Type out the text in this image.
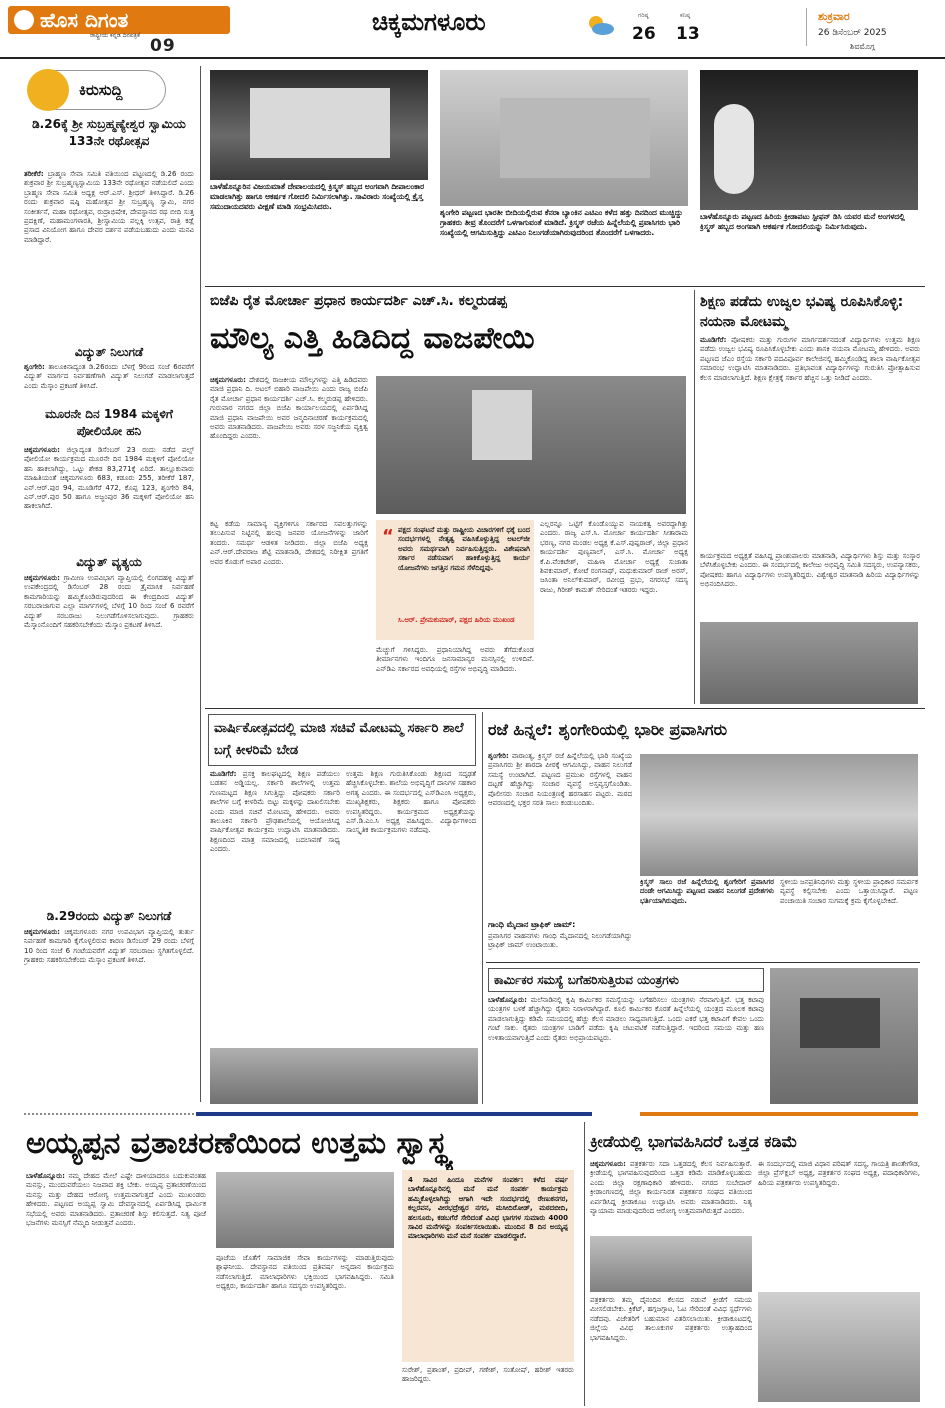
ಹೊಸ ದಿಗಂತ
ರಾಷ್ಟ್ರೀಯ ಕನ್ನಡ ದಿನಪತ್ರಿಕೆ
09
ಚಿಕ್ಕಮಗಳೂರು	ಗರಿಷ್ಠ
26
ಕನಿಷ್ಠ
13
ಶುಕ್ರವಾರ
26 ಡಿಸೆಂಬರ್ 2025
ಶಿವಮೊಗ್ಗ
ಕಿರುಸುದ್ದಿ
ಡಿ.26ಕ್ಕೆ ಶ್ರೀ ಸುಬ್ರಹ್ಮಣ್ಯೇಶ್ವರ ಸ್ವಾಮಿಯ 133ನೇ ರಥೋತ್ಸವ
ತರೀಕೆರೆ: ಬ್ರಾಹ್ಮಣ ಸೇವಾ ಸಮಿತಿ ವತಿಯಿಂದ ಪಟ್ಟಣದಲ್ಲಿ ಡಿ.26 ರಂದು ಶುಕ್ರವಾರ ಶ್ರೀ ಸುಬ್ರಹ್ಮಣ್ಯಸ್ವಾಮಿಯ 133ನೇ ರಥೋತ್ಸವ ನಡೆಯಲಿದೆ ಎಂದು ಬ್ರಾಹ್ಮಣ ಸೇವಾ ಸಮಿತಿ ಅಧ್ಯಕ್ಷ ಆರ್.ಎಸ್. ಶ್ರೀಧರ್ ತಿಳಿಸಿದ್ದಾರೆ. ಡಿ.26 ರಂದು ಶುಕ್ರವಾರ ಷಷ್ಠಿ ಮಹೋತ್ಸವ ಶ್ರೀ ಸುಬ್ರಹ್ಮಣ್ಯ ಸ್ವಾಮಿ, ನಗರ ಸಂಕೀರ್ತನೆ, ಮಹಾ ರಥೋತ್ಸವ, ರುದ್ರಾಭಿಷೇಕ, ದೇವಸ್ಥಾನದ ರಥ ಬೀದಿ ಸುತ್ತ ಪ್ರದಕ್ಷಿಣೆ, ಮಹಾಮಂಗಳಾರತಿ, ಶ್ರೀಸ್ವಾಮಿಯ ಪಲ್ಲಕ್ಕಿ ಉತ್ಸವ, ರಾತ್ರಿ ಕಡ್ಲೆ ಪ್ರಸಾದ ವಿನಿಯೋಗ ಹಾಗೂ ದೇವರ ದರ್ಶನ ಪಡೆಯಬಹುದು ಎಂದು ಮನವಿ ಮಾಡಿದ್ದಾರೆ.
ವಿದ್ಯುತ್ ನಿಲುಗಡೆ
ಶೃಂಗೇರಿ: ತಾಲೂಕಿನಾದ್ಯಂತ ಡಿ.26ರಂದು ಬೆಳಗ್ಗೆ 9ರಿಂದ ಸಂಜೆ 6ರವರೆಗೆ ವಿದ್ಯುತ್ ಮಾರ್ಗದ ನಿರ್ವಹಣೆಗಾಗಿ ವಿದ್ಯುತ್ ನಿಲುಗಡೆ ಮಾಡಲಾಗುತ್ತದೆ ಎಂದು ಮೆಸ್ಕಾಂ ಪ್ರಕಟಣೆ ತಿಳಿಸಿದೆ.
ಮೂರನೇ ದಿನ 1984 ಮಕ್ಕಳಿಗೆ ಪೋಲಿಯೋ ಹನಿ
ಚಿಕ್ಕಮಗಳೂರು: ಜಿಲ್ಲಾದ್ಯಂತ ಡಿಸೆಂಬರ್ 23 ರಂದು ನಡೆದ ಪಲ್ಸ್ ಪೋಲಿಯೋ ಕಾರ್ಯಕ್ರಮದ ಮೂರನೇ ದಿನ 1984 ಮಕ್ಕಳಿಗೆ ಪೋಲಿಯೋ ಹನಿ ಹಾಕಲಾಗಿದ್ದು, ಒಟ್ಟು ಶೇಕಡ 83,271ಕ್ಕೆ ಏರಿದೆ. ತಾಲ್ಲೂಕುವಾರು ಮಾಹಿತಿಯಂತೆ ಚಿಕ್ಕಮಗಳೂರು 683, ಕಡೂರು 255, ತರೀಕೆರೆ 187, ಎನ್.ಆರ್.ಪುರ 94, ಮೂಡಿಗೆರೆ 472, ಕೊಪ್ಪ 123, ಶೃಂಗೇರಿ 84, ಎನ್.ಆರ್.ಪುರ 50 ಹಾಗೂ ಅಜ್ಜಂಪುರ 36 ಮಕ್ಕಳಿಗೆ ಪೋಲಿಯೋ ಹನಿ ಹಾಕಲಾಗಿದೆ.
ವಿದ್ಯುತ್ ವ್ಯತ್ಯಯ
ಚಿಕ್ಕಮಗಳೂರು: ಗ್ರಾಮೀಣ ಉಪವಿಭಾಗ ವ್ಯಾಪ್ತಿಯಲ್ಲಿ ಲಿಂಗದಹಳ್ಳಿ ವಿದ್ಯುತ್ ಉಪಕೇಂದ್ರದಲ್ಲಿ ಡಿಸೆಂಬರ್ 28 ರಂದು ತ್ರೈಮಾಸಿಕ ನಿರ್ವಹಣೆ ಕಾಮಗಾರಿಯನ್ನು ಹಮ್ಮಿಕೊಂಡಿರುವುದರಿಂದ ಈ ಕೇಂದ್ರದಿಂದ ವಿದ್ಯುತ್ ಸರಬರಾಜಾಗುವ ಎಲ್ಲಾ ಮಾರ್ಗಗಳಲ್ಲಿ ಬೆಳಗ್ಗೆ 10 ರಿಂದ ಸಂಜೆ 6 ರವರೆಗೆ ವಿದ್ಯುತ್ ಸರಬರಾಜು ನಿಲುಗಡೆಗೊಳಿಸಲಾಗುವುದು. ಗ್ರಾಹಕರು ಮೆಸ್ಕಾಂನೊಂದಿಗೆ ಸಹಕರಿಸಬೇಕೆಂದು ಮೆಸ್ಕಾಂ ಪ್ರಕಟಣೆ ತಿಳಿಸಿದೆ.
ಡಿ.29ರಂದು ವಿದ್ಯುತ್ ನಿಲುಗಡೆ
ಚಿಕ್ಕಮಗಳೂರು: ಚಿಕ್ಕಮಗಳೂರು ನಗರ ಉಪವಿಭಾಗ ವ್ಯಾಪ್ತಿಯಲ್ಲಿ ತುರ್ತು ನಿರ್ವಹಣೆ ಕಾಮಗಾರಿ ಕೈಗೊಳ್ಳಲಿರುವ ಕಾರಣ ಡಿಸೆಂಬರ್ 29 ರಂದು ಬೆಳಗ್ಗೆ 10 ರಿಂದ ಸಂಜೆ 6 ಗಂಟೆಯವರೆಗೆ ವಿದ್ಯುತ್ ಸರಬರಾಜು ಸ್ಥಗಿತಗೊಳ್ಳಲಿದೆ. ಗ್ರಾಹಕರು ಸಹಕರಿಸಬೇಕೆಂದು ಮೆಸ್ಕಾಂ ಪ್ರಕಟಣೆ ತಿಳಿಸಿದೆ.
ಬಾಳೆಹೊನ್ನೂರಿನ ವಿಜಯಮಾತೆ ದೇವಾಲಯದಲ್ಲಿ ಕ್ರಿಸ್ಮಸ್ ಹಬ್ಬದ ಅಂಗವಾಗಿ ದೀಪಾಲಂಕಾರ ಮಾಡಲಾಗಿತ್ತು ಹಾಗೂ ಆಕರ್ಷಕ ಗೋದಲಿ ನಿರ್ಮಿಸಲಾಗಿತ್ತು. ಸಾವಿರಾರು ಸಂಖ್ಯೆಯಲ್ಲಿ ಕ್ರೈಸ್ತ ಸಮುದಾಯದವರು ವೀಕ್ಷಣೆ ಮಾಡಿ ಸಂಭ್ರಮಿಸಿದರು.
ಶೃಂಗೇರಿ ಪಟ್ಟಣದ ಭಾರತೀ ಬೀದಿಯಲ್ಲಿರುವ ಕೆನರಾ ಬ್ಯಾಂಕಿನ ಎಟಿಎಂ ಕಳೆದ ಹತ್ತು ದಿನದಿಂದ ಮುಚ್ಚಿದ್ದು ಗ್ರಾಹಕರು ತೀವ್ರ ತೊಂದರೆಗೆ ಒಳಗಾಗುವಂತೆ ಮಾಡಿದೆ. ಕ್ರಿಸ್ಮಸ್ ರಜೆಯ ಹಿನ್ನೆಲೆಯಲ್ಲಿ ಪ್ರವಾಸಿಗರು ಭಾರಿ ಸಂಖ್ಯೆಯಲ್ಲಿ ಆಗಮಿಸುತ್ತಿದ್ದು ಎಟಿಎಂ ನಿಲುಗಡೆಯಾಗಿರುವುದರಿಂದ ತೊಂದರೆಗೆ ಒಳಗಾದರು.
ಬಾಳೆಹೊನ್ನೂರು ಪಟ್ಟಣದ ಹಿರಿಯ ಕ್ರೀಡಾಪಟು ಸ್ಟೀಫನ್ ಡಿಸಿ ಯವರ ಮನೆ ಅಂಗಳದಲ್ಲಿ ಕ್ರಿಸ್ಮಸ್ ಹಬ್ಬದ ಅಂಗವಾಗಿ ಆಕರ್ಷಕ ಗೋದಲಿಯನ್ನು ನಿರ್ಮಿಸಿರುವುದು.
ಬಿಜೆಪಿ ರೈತ ಮೋರ್ಚಾ ಪ್ರಧಾನ ಕಾರ್ಯದರ್ಶಿ ಎಚ್.ಸಿ. ಕಲ್ಮರುಡಪ್ಪ
ಮೌಲ್ಯ ಎತ್ತಿ ಹಿಡಿದಿದ್ದ ವಾಜಪೇಯಿ
ಚಿಕ್ಕಮಗಳೂರು: ದೇಶದಲ್ಲಿ ರಾಜಕೀಯ ಮೌಲ್ಯಗಳನ್ನು ಎತ್ತಿ ಹಿಡಿದವರು ಮಾಜಿ ಪ್ರಧಾನಿ ದಿ. ಅಟಲ್ ಬಿಹಾರಿ ವಾಜಪೇಯಿ ಎಂದು ರಾಜ್ಯ ಬಿಜೆಪಿ ರೈತ ಮೋರ್ಚಾ ಪ್ರಧಾನ ಕಾರ್ಯದರ್ಶಿ ಎಚ್.ಸಿ. ಕಲ್ಮರುಡಪ್ಪ ಹೇಳಿದರು. ಗುರುವಾರ ನಗರದ ಜಿಲ್ಲಾ ಬಿಜೆಪಿ ಕಾರ್ಯಾಲಯದಲ್ಲಿ ಏರ್ಪಡಿಸಿದ್ದ ಮಾಜಿ ಪ್ರಧಾನಿ ವಾಜಪೇಯಿ ಅವರ ಜನ್ಮದಿನಾಚರಣೆ ಕಾರ್ಯಕ್ರಮದಲ್ಲಿ ಅವರು ಮಾತನಾಡಿದರು. ವಾಜಪೇಯಿ ಅವರು ಸರಳ ಸಜ್ಜನಿಕೆಯ ವ್ಯಕ್ತಿತ್ವ ಹೊಂದಿದ್ದರು ಎಂದರು.
ಕಟ್ಟ ಕಡೆಯ ಸಾಮಾನ್ಯ ವ್ಯಕ್ತಿಗಳಿಗೂ ಸರ್ಕಾರದ ಸವಲತ್ತುಗಳನ್ನು ತಲುಪಿಸುವ ನಿಟ್ಟಿನಲ್ಲಿ ಹಲವು ಜನಪರ ಯೋಜನೆಗಳನ್ನು ಜಾರಿಗೆ ತಂದರು. ಸಮರ್ಥ ಆಡಳಿತ ನೀಡಿದರು. ಜಿಲ್ಲಾ ಬಿಜೆಪಿ ಅಧ್ಯಕ್ಷ ಎನ್.ಆರ್.ದೇವರಾಜ ಶೆಟ್ಟಿ ಮಾತನಾಡಿ, ದೇಶದಲ್ಲಿ ನಿರೀಕ್ಷಿತ ಪ್ರಗತಿಗೆ ಅವರ ಕೊಡುಗೆ ಅಪಾರ ಎಂದರು.
“ ಪಕ್ಷದ ಸಂಘಟನೆ ಮತ್ತು ರಾಷ್ಟ್ರೀಯ ವಿಚಾರಗಳಿಗೆ ಧಕ್ಕೆ ಬಂದ ಸಂದರ್ಭಗಳಲ್ಲಿ ನೇತೃತ್ವ ವಹಿಸಿಕೊಳ್ಳುತ್ತಿದ್ದ ಅಟಲ್‌ಜೀ ಅವರು ಸಮರ್ಥವಾಗಿ ನಿರ್ವಹಿಸುತ್ತಿದ್ದರು. ವಿಶೇಷವಾಗಿ ಸರ್ಕಾರ ನಡೆಸುವಾಗ ಹಾಕಿಕೊಳ್ಳುತ್ತಿದ್ದ ಕಾರ್ಯ ಯೋಜನೆಗಳು ಜಗತ್ತಿನ ಗಮನ ಸೆಳೆದಿದ್ದವು.
ಸಿ.ಆರ್. ಪ್ರೇಮಕುಮಾರ್, ಪಕ್ಷದ ಹಿರಿಯ ಮುಖಂಡ
ಮೆಚ್ಚುಗೆ ಗಳಿಸಿದ್ದರು. ಪ್ರಧಾನಿಯಾಗಿದ್ದ ಅವರು ತೆಗೆದುಕೊಂಡ ತೀರ್ಮಾನಗಳು ಇಂದಿಗೂ ಜನಸಾಮಾನ್ಯರ ಮನಸ್ಸಿನಲ್ಲಿ ಉಳಿದಿವೆ. ಎನ್‌ಡಿಎ ಸರ್ಕಾರದ ಅವಧಿಯಲ್ಲಿ ರಸ್ತೆಗಳ ಅಭಿವೃದ್ಧಿ ಮಾಡಿದರು.
ಎಲ್ಲರನ್ನೂ ಒಟ್ಟಿಗೆ ಕೊಂಡೊಯ್ಯುವ ನಾಯಕತ್ವ ಅವರದ್ದಾಗಿತ್ತು ಎಂದರು. ರಾಜ್ಯ ಎಸ್.ಸಿ. ಮೋರ್ಚಾ ಕಾರ್ಯದರ್ಶಿ ಸೀತಾರಾಮ ಭರಣ್ಯ, ನಗರ ಮಂಡಲ ಅಧ್ಯಕ್ಷ ಕೆ.ಎಸ್.ಪುಷ್ಪರಾಜ್, ಜಿಲ್ಲಾ ಪ್ರಧಾನ ಕಾರ್ಯದರ್ಶಿ ಪುಣ್ಯಪಾಲ್, ಎಸ್.ಸಿ. ಮೋರ್ಚಾ ಅಧ್ಯಕ್ಷ ಕೆ.ಪಿ.ವೆಂಕಟೇಶ್, ಮಹಿಳಾ ಮೋರ್ಚಾ ಅಧ್ಯಕ್ಷೆ ಸುಜಾತಾ ಶಿವಕುಮಾರ್, ಕೋಟೆ ರಂಗನಾಥ್, ಮಧುಕುಮಾರ್ ರಾಜ್ ಅರಸ್, ಜಸಿಂತಾ ಅನಿಲ್‌ಕುಮಾರ್, ರವೀಂದ್ರ ಪ್ರಭು, ನಗರಸಭೆ ಸದಸ್ಯ ರಾಜು, ಗಿರೀಶ್ ಕಾಮತ್ ಸೇರಿದಂತೆ ಇತರರು ಇದ್ದರು.
ಶಿಕ್ಷಣ ಪಡೆದು ಉಜ್ವಲ ಭವಿಷ್ಯ ರೂಪಿಸಿಕೊಳ್ಳಿ: ನಯನಾ ಮೋಟಮ್ಮ
ಮೂಡಿಗೆರೆ: ಪೋಷಕರು ಮತ್ತು ಗುರುಗಳ ಮಾರ್ಗದರ್ಶನದಂತೆ ವಿದ್ಯಾರ್ಥಿಗಳು ಉತ್ತಮ ಶಿಕ್ಷಣ ಪಡೆದು ಉಜ್ವಲ ಭವಿಷ್ಯ ರೂಪಿಸಿಕೊಳ್ಳಬೇಕು ಎಂದು ಶಾಸಕಿ ನಯನಾ ಮೋಟಮ್ಮ ಹೇಳಿದರು. ಅವರು ಪಟ್ಟಣದ ಜೆಎಂ ರಸ್ತೆಯ ಸರ್ಕಾರಿ ಪದವಿಪೂರ್ವ ಕಾಲೇಜಿನಲ್ಲಿ ಹಮ್ಮಿಕೊಂಡಿದ್ದ ಶಾಲಾ ವಾರ್ಷಿಕೋತ್ಸವ ಸಮಾರಂಭ ಉದ್ಘಾಟಿಸಿ ಮಾತನಾಡಿದರು. ಪ್ರತಿಭಾವಂತ ವಿದ್ಯಾರ್ಥಿಗಳನ್ನು ಗುರುತಿಸಿ ಪ್ರೋತ್ಸಾಹಿಸುವ ಕೆಲಸ ಮಾಡಲಾಗುತ್ತಿದೆ. ಶಿಕ್ಷಣ ಕ್ಷೇತ್ರಕ್ಕೆ ಸರ್ಕಾರ ಹೆಚ್ಚಿನ ಒತ್ತು ನೀಡಿದೆ ಎಂದರು.
ಕಾರ್ಯಕ್ರಮದ ಅಧ್ಯಕ್ಷತೆ ವಹಿಸಿದ್ದ ಪ್ರಾಂಶುಪಾಲರು ಮಾತನಾಡಿ, ವಿದ್ಯಾರ್ಥಿಗಳು ಶಿಸ್ತು ಮತ್ತು ಸಂಸ್ಕಾರ ಬೆಳೆಸಿಕೊಳ್ಳಬೇಕು ಎಂದರು. ಈ ಸಂದರ್ಭದಲ್ಲಿ ಕಾಲೇಜು ಅಭಿವೃದ್ಧಿ ಸಮಿತಿ ಸದಸ್ಯರು, ಉಪನ್ಯಾಸಕರು, ಪೋಷಕರು ಹಾಗೂ ವಿದ್ಯಾರ್ಥಿಗಳು ಉಪಸ್ಥಿತರಿದ್ದರು. ವಿಶ್ವೇಶ್ವರ ಮಾತನಾಡಿ ಹಿರಿಯ ವಿದ್ಯಾರ್ಥಿಗಳನ್ನು ಅಭಿನಂದಿಸಿದರು.
ವಾರ್ಷಿಕೋತ್ಸವದಲ್ಲಿ ಮಾಜಿ ಸಚಿವೆ ಮೋಟಮ್ಮ ಸರ್ಕಾರಿ ಶಾಲೆ ಬಗ್ಗೆ ಕೀಳರಿಮೆ ಬೇಡ
ಮೂಡಿಗೆರೆ: ಪ್ರಸಕ್ತ ಕಾಲಘಟ್ಟದಲ್ಲಿ ಶಿಕ್ಷಣ ಪಡೆಯಲು ಬಡತನ ಅಡ್ಡಿಯಲ್ಲ. ಸರ್ಕಾರಿ ಶಾಲೆಗಳಲ್ಲಿ ಉತ್ತಮ ಗುಣಮಟ್ಟದ ಶಿಕ್ಷಣ ಸಿಗುತ್ತಿದ್ದು ಪೋಷಕರು ಸರ್ಕಾರಿ ಶಾಲೆಗಳ ಬಗ್ಗೆ ಕೀಳರಿಮೆ ಬಿಟ್ಟು ಮಕ್ಕಳನ್ನು ದಾಖಲಿಸಬೇಕು ಎಂದು ಮಾಜಿ ಸಚಿವೆ ಮೋಟಮ್ಮ ಹೇಳಿದರು. ಅವರು ತಾಲೂಕಿನ ಸರ್ಕಾರಿ ಪ್ರೌಢಶಾಲೆಯಲ್ಲಿ ಆಯೋಜಿಸಿದ್ದ ವಾರ್ಷಿಕೋತ್ಸವ ಕಾರ್ಯಕ್ರಮ ಉದ್ಘಾಟಿಸಿ ಮಾತನಾಡಿದರು. ಶಿಕ್ಷಣದಿಂದ ಮಾತ್ರ ಸಮಾಜದಲ್ಲಿ ಬದಲಾವಣೆ ಸಾಧ್ಯ ಎಂದರು.
ಉತ್ತಮ ಶಿಕ್ಷಣ ಗುರುತಿಸಿಕೊಂಡು ಶಿಕ್ಷಣದ ಸದೃಢತೆ ಹೆಚ್ಚಿಸಿಕೊಳ್ಳಬೇಕು. ಶಾಲೆಯ ಅಭಿವೃದ್ಧಿಗೆ ದಾನಿಗಳ ಸಹಕಾರ ಅಗತ್ಯ ಎಂದರು. ಈ ಸಂದರ್ಭದಲ್ಲಿ ಎಸ್‌ಡಿಎಂಸಿ ಅಧ್ಯಕ್ಷರು, ಮುಖ್ಯಶಿಕ್ಷಕರು, ಶಿಕ್ಷಕರು ಹಾಗೂ ಪೋಷಕರು ಉಪಸ್ಥಿತರಿದ್ದರು. ಕಾರ್ಯಕ್ರಮದ ಅಧ್ಯಕ್ಷತೆಯನ್ನು ಎಸ್.ಡಿ.ಎಂ.ಸಿ ಅಧ್ಯಕ್ಷ ವಹಿಸಿದ್ದರು. ವಿದ್ಯಾರ್ಥಿಗಳಿಂದ ಸಾಂಸ್ಕೃತಿಕ ಕಾರ್ಯಕ್ರಮಗಳು ನಡೆದವು.
ರಜೆ ಹಿನ್ನಲೆ: ಶೃಂಗೇರಿಯಲ್ಲಿ ಭಾರೀ ಪ್ರವಾಸಿಗರು
ಶೃಂಗೇರಿ: ವಾರಾಂತ್ಯ, ಕ್ರಿಸ್ಮಸ್ ರಜೆ ಹಿನ್ನೆಲೆಯಲ್ಲಿ ಭಾರಿ ಸಂಖ್ಯೆಯ ಪ್ರವಾಸಿಗರು ಶ್ರೀ ಶಾರದಾ ಪೀಠಕ್ಕೆ ಆಗಮಿಸಿದ್ದು, ವಾಹನ ನಿಲುಗಡೆ ಸಮಸ್ಯೆ ಉಂಟಾಗಿದೆ. ಪಟ್ಟಣದ ಪ್ರಮುಖ ರಸ್ತೆಗಳಲ್ಲಿ ವಾಹನ ದಟ್ಟಣೆ ಹೆಚ್ಚಾಗಿದ್ದು ಸಂಚಾರ ವ್ಯವಸ್ಥೆ ಅಸ್ತವ್ಯಸ್ತಗೊಂಡಿತು. ಪೊಲೀಸರು ಸಂಚಾರ ನಿಯಂತ್ರಣಕ್ಕೆ ಹರಸಾಹಸ ಪಟ್ಟರು. ಮಠದ ಆವರಣದಲ್ಲಿ ಭಕ್ತರ ಸರತಿ ಸಾಲು ಕಂಡುಬಂದಿತು.
ಕ್ರಿಸ್ಮಸ್ ಸಾಲು ರಜೆ ಹಿನ್ನೆಲೆಯಲ್ಲಿ ಶೃಂಗೇರಿಗೆ ಪ್ರವಾಸಿಗರ ದಂಡೇ ಆಗಮಿಸಿದ್ದು ಪಟ್ಟಣದ ವಾಹನ ನಿಲುಗಡೆ ಪ್ರದೇಶಗಳು ಭರ್ತಿಯಾಗಿರುವುದು.
ಸ್ಥಳೀಯ ಜನಪ್ರತಿನಿಧಿಗಳು ಮತ್ತು ಸ್ಥಳೀಯ ಪ್ರಾಧಿಕಾರ ಸಮರ್ಪಕ ವ್ಯವಸ್ಥೆ ಕಲ್ಪಿಸಬೇಕು ಎಂದು ಒತ್ತಾಯಿಸಿದ್ದಾರೆ. ಪಟ್ಟಣ ಪಂಚಾಯಿತಿ ಸಂಚಾರ ಸುಗಮಕ್ಕೆ ಕ್ರಮ ಕೈಗೊಳ್ಳಬೇಕಿದೆ.
ಗಾಂಧಿ ಮೈದಾನ ಟ್ರಾಫಿಕ್ ಜಾಮ್:
ಪ್ರವಾಸಿಗರ ವಾಹನಗಳು ಗಾಂಧಿ ಮೈದಾನದಲ್ಲಿ ನಿಲುಗಡೆಯಾಗಿದ್ದು ಟ್ರಾಫಿಕ್ ಜಾಮ್ ಉಂಟಾಯಿತು.
ಕಾರ್ಮಿಕರ ಸಮಸ್ಯೆ ಬಗೆಹರಿಸುತ್ತಿರುವ ಯಂತ್ರಗಳು
ಬಾಳೆಹೊನ್ನೂರು: ಮಲೆನಾಡಿನಲ್ಲಿ ಕೃಷಿ ಕಾರ್ಮಿಕರ ಸಮಸ್ಯೆಯನ್ನು ಬಗೆಹರಿಸಲು ಯಂತ್ರಗಳು ನೆರವಾಗುತ್ತಿವೆ. ಭತ್ತ ಕಟಾವು ಯಂತ್ರಗಳ ಬಳಕೆ ಹೆಚ್ಚಾಗಿದ್ದು ರೈತರು ನಿರಾಳರಾಗಿದ್ದಾರೆ. ಕೂಲಿ ಕಾರ್ಮಿಕರ ಕೊರತೆ ಹಿನ್ನೆಲೆಯಲ್ಲಿ ಯಂತ್ರದ ಮೂಲಕ ಕಟಾವು ಮಾಡಲಾಗುತ್ತಿದ್ದು ಕಡಿಮೆ ಸಮಯದಲ್ಲಿ ಹೆಚ್ಚು ಕೆಲಸ ಮಾಡಲು ಸಾಧ್ಯವಾಗುತ್ತಿದೆ. ಒಂದು ಎಕರೆ ಭತ್ತ ಕಟಾವಿಗೆ ಕೇವಲ ಒಂದು ಗಂಟೆ ಸಾಕು. ರೈತರು ಯಂತ್ರಗಳ ಬಾಡಿಗೆ ಪಡೆದು ಕೃಷಿ ಚಟುವಟಿಕೆ ನಡೆಸುತ್ತಿದ್ದಾರೆ. ಇದರಿಂದ ಸಮಯ ಮತ್ತು ಹಣ ಉಳಿತಾಯವಾಗುತ್ತಿದೆ ಎಂದು ರೈತರು ಅಭಿಪ್ರಾಯಪಟ್ಟರು.
ಅಯ್ಯಪ್ಪನ ವ್ರತಾಚರಣೆಯಿಂದ ಉತ್ತಮ ಸ್ವಾಸ್ಥ್ಯ
ಬಾಳೆಹೊನ್ನೂರು: ನಮ್ಮ ದೇಹದ ಮೇಲೆ ಎಷ್ಟೇ ದಾಳಿಯಾದರೂ ಬದುಕುವಂತಹ ಮನಸ್ಸು, ಮುಂದುವರೆಯಲು ನಿಜವಾದ ಶಕ್ತಿ ಬೇಕು. ಅಯ್ಯಪ್ಪ ವ್ರತಾಚರಣೆಯಿಂದ ಮನಸ್ಸು ಮತ್ತು ದೇಹದ ಆರೋಗ್ಯ ಉತ್ತಮವಾಗುತ್ತದೆ ಎಂದು ಮುಖಂಡರು ಹೇಳಿದರು. ಪಟ್ಟಣದ ಅಯ್ಯಪ್ಪ ಸ್ವಾಮಿ ದೇವಸ್ಥಾನದಲ್ಲಿ ಏರ್ಪಡಿಸಿದ್ದ ಧಾರ್ಮಿಕ ಸಭೆಯಲ್ಲಿ ಅವರು ಮಾತನಾಡಿದರು. ವ್ರತಾಚರಣೆ ಶಿಸ್ತು ಕಲಿಸುತ್ತದೆ. ನಿತ್ಯ ಪೂಜೆ ಭಜನೆಗಳು ಮನಸ್ಸಿಗೆ ನೆಮ್ಮದಿ ನೀಡುತ್ತವೆ ಎಂದರು.
ಪೂಜೆಯ ಜೊತೆಗೆ ಸಾಮಾಜಿಕ ಸೇವಾ ಕಾರ್ಯಗಳನ್ನು ಮಾಡುತ್ತಿರುವುದು ಶ್ಲಾಘನೀಯ. ದೇವಸ್ಥಾನದ ವತಿಯಿಂದ ಪ್ರತಿವರ್ಷ ಅನ್ನದಾನ ಕಾರ್ಯಕ್ರಮ ನಡೆಸಲಾಗುತ್ತಿದೆ. ಮಾಲಾಧಾರಿಗಳು ಭಕ್ತಿಯಿಂದ ಭಾಗವಹಿಸಿದ್ದರು. ಸಮಿತಿ ಅಧ್ಯಕ್ಷರು, ಕಾರ್ಯದರ್ಶಿ ಹಾಗೂ ಸದಸ್ಯರು ಉಪಸ್ಥಿತರಿದ್ದರು.
4 ಸಾವಿರ ಹಿಂದೂ ಮನೆಗಳ ಸಂಪರ್ಕ: ಕಳೆದ ವರ್ಷ ಬಾಳೆಹೊನ್ನೂರಿನಲ್ಲಿ ಮನೆ ಮನೆ ಸಂಪರ್ಕ ಕಾರ್ಯಕ್ರಮ ಹಮ್ಮಿಕೊಳ್ಳಲಾಗಿದ್ದು ಆಗಾಗಿ ಇದೇ ಸಂದರ್ಭದಲ್ಲಿ ರೇಣುಕನಗರ, ಕಲ್ಲರವನ, ವೀರಭದ್ರೇಶ್ವರ ನಗರ, ಮಸೀದಿರೋಡ್, ಮಠದಬೀದಿ, ಹಲಸೂರು, ಕಡಬಗೆರೆ ಸೇರಿದಂತೆ ವಿವಿಧ ಭಾಗಗಳ ಸುಮಾರು 4000 ಸಾವಿರ ಮನೆಗಳನ್ನು ಸಂಪರ್ಕಿಸಲಾಯಿತು. ಮುಂದಿನ 8 ದಿನ ಅಯ್ಯಪ್ಪ ಮಾಲಾಧಾರಿಗಳು ಮನೆ ಮನೆ ಸಂಪರ್ಕ ಮಾಡಲಿದ್ದಾರೆ.
ಸುರೇಶ್, ಪ್ರಶಾಂತ್, ಪ್ರದೀಪ್, ಗಣೇಶ್, ಸಂತೋಷ್, ಹರೀಶ್ ಇತರರು ಹಾಜರಿದ್ದರು.
ಕ್ರೀಡೆಯಲ್ಲಿ ಭಾಗವಹಿಸಿದರೆ ಒತ್ತಡ ಕಡಿಮೆ
ಚಿಕ್ಕಮಗಳೂರು: ಪತ್ರಕರ್ತರು ಸದಾ ಒತ್ತಡದಲ್ಲಿ ಕೆಲಸ ನಿರ್ವಹಿಸುತ್ತಾರೆ. ಕ್ರೀಡೆಯಲ್ಲಿ ಭಾಗವಹಿಸುವುದರಿಂದ ಒತ್ತಡ ಕಡಿಮೆ ಮಾಡಿಕೊಳ್ಳಬಹುದು ಎಂದು ಜಿಲ್ಲಾ ರಕ್ಷಣಾಧಿಕಾರಿ ಹೇಳಿದರು. ನಗರದ ಸುಬೇದಾರ್ ಕ್ರೀಡಾಂಗಣದಲ್ಲಿ ಜಿಲ್ಲಾ ಕಾರ್ಯನಿರತ ಪತ್ರಕರ್ತರ ಸಂಘದ ವತಿಯಿಂದ ಏರ್ಪಡಿಸಿದ್ದ ಕ್ರೀಡಾಕೂಟ ಉದ್ಘಾಟಿಸಿ ಅವರು ಮಾತನಾಡಿದರು. ನಿತ್ಯ ವ್ಯಾಯಾಮ ಮಾಡುವುದರಿಂದ ಆರೋಗ್ಯ ಉತ್ತಮವಾಗಿರುತ್ತದೆ ಎಂದರು.
ಈ ಸಂದರ್ಭದಲ್ಲಿ ಮಾಜಿ ವಿಧಾನ ಪರಿಷತ್ ಸದಸ್ಯ, ಗಾಯತ್ರಿ ಶಾಂತೇಗೌಡ, ಜಿಲ್ಲಾ ಪ್ರೆಸ್‌ಕ್ಲಬ್ ಅಧ್ಯಕ್ಷ, ಪತ್ರಕರ್ತರ ಸಂಘದ ಅಧ್ಯಕ್ಷ, ಪದಾಧಿಕಾರಿಗಳು, ಹಿರಿಯ ಪತ್ರಕರ್ತರು ಉಪಸ್ಥಿತರಿದ್ದರು.
ಪತ್ರಕರ್ತರು ತಮ್ಮ ದೈನಂದಿನ ಕೆಲಸದ ನಡುವೆ ಕ್ರೀಡೆಗೆ ಸಮಯ ಮೀಸಲಿಡಬೇಕು. ಕ್ರಿಕೆಟ್, ಹಗ್ಗಜಗ್ಗಾಟ, ಓಟ ಸೇರಿದಂತೆ ವಿವಿಧ ಸ್ಪರ್ಧೆಗಳು ನಡೆದವು. ವಿಜೇತರಿಗೆ ಬಹುಮಾನ ವಿತರಿಸಲಾಯಿತು. ಕ್ರೀಡಾಕೂಟದಲ್ಲಿ ಜಿಲ್ಲೆಯ ವಿವಿಧ ತಾಲೂಕುಗಳ ಪತ್ರಕರ್ತರು ಉತ್ಸಾಹದಿಂದ ಭಾಗವಹಿಸಿದ್ದರು.
